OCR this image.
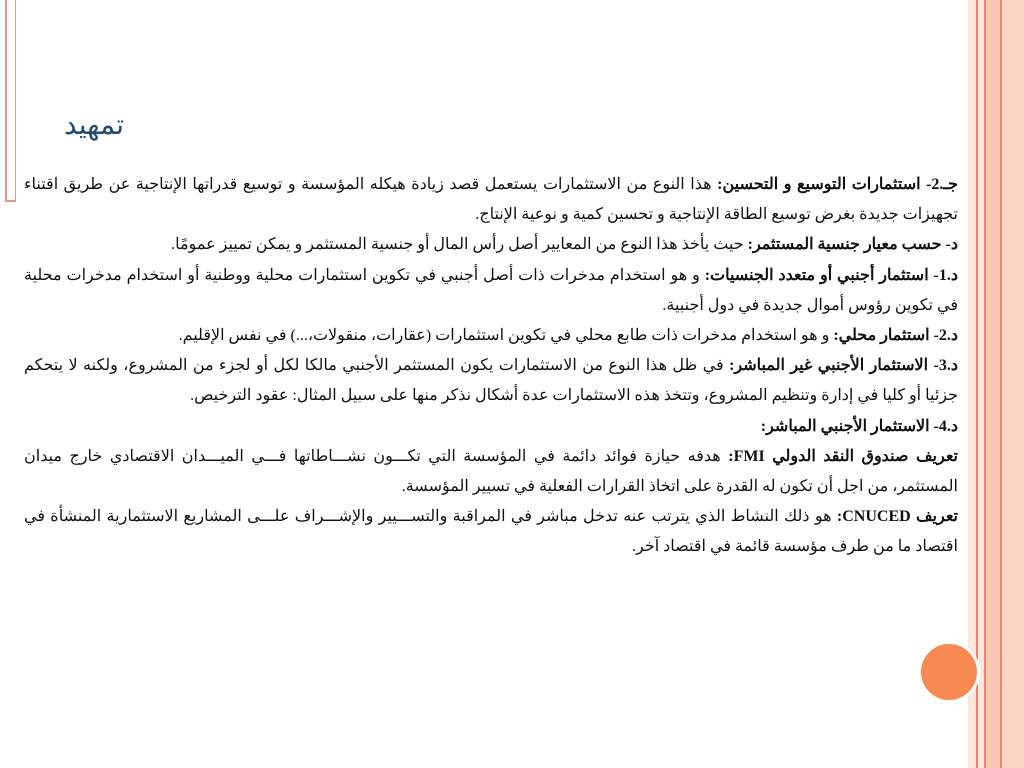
تمهيد

جـ.2- استثمارات التوسيع و التحسين: هذا النوع من الاستثمارات يستعمل قصد زيادة هيكله المؤسسة و توسيع قدراتها الإنتاجية عن طريق اقتناء تجهيزات جديدة بغرض توسيع الطاقة الإنتاجية و تحسين كمية و نوعية الإنتاج.

د- حسب معيار جنسية المستثمر: حيث يأخذ هذا النوع من المعايير أصل رأس المال أو جنسية المستثمر و يمكن تمييز عمومًا.

د.1- استثمار أجنبي أو متعدد الجنسيات: و هو استخدام مدخرات ذات أصل أجنبي في تكوين استثمارات محلية ووطنية أو استخدام مدخرات محلية في تكوين رؤوس أموال جديدة في دول أجنبية.

د.2- استثمار محلي: و هو استخدام مدخرات ذات طابع محلي في تكوين استثمارات (عقارات، منقولات،...) في نفس الإقليم.

د.3- الاستثمار الأجنبي غير المباشر: في ظل هذا النوع من الاستثمارات يكون المستثمر الأجنبي مالكا لكل أو لجزء من المشروع، ولكنه لا يتحكم جزئيا أو كليا في إدارة وتنظيم المشروع، وتتخذ هذه الاستثمارات عدة أشكال نذكر منها على سبيل المثال: عقود الترخيص.

د.4- الاستثمار الأجنبي المباشر:

تعريف صندوق النقد الدولي FMI: هدفه حيازة فوائد دائمة في المؤسسة التي تكـــون نشـــاطاتها فـــي الميـــدان الاقتصادي خارج ميدان المستثمر، من اجل أن تكون له القدرة على اتخاذ القرارات الفعلية في تسيير المؤسسة.

تعريف CNUCED: هو ذلك النشاط الذي يترتب عنه تدخل مباشر في المراقبة والتســـيير والإشـــراف علـــى المشاريع الاستثمارية المنشأة في اقتصاد ما من طرف مؤسسة قائمة في اقتصاد آخر.
